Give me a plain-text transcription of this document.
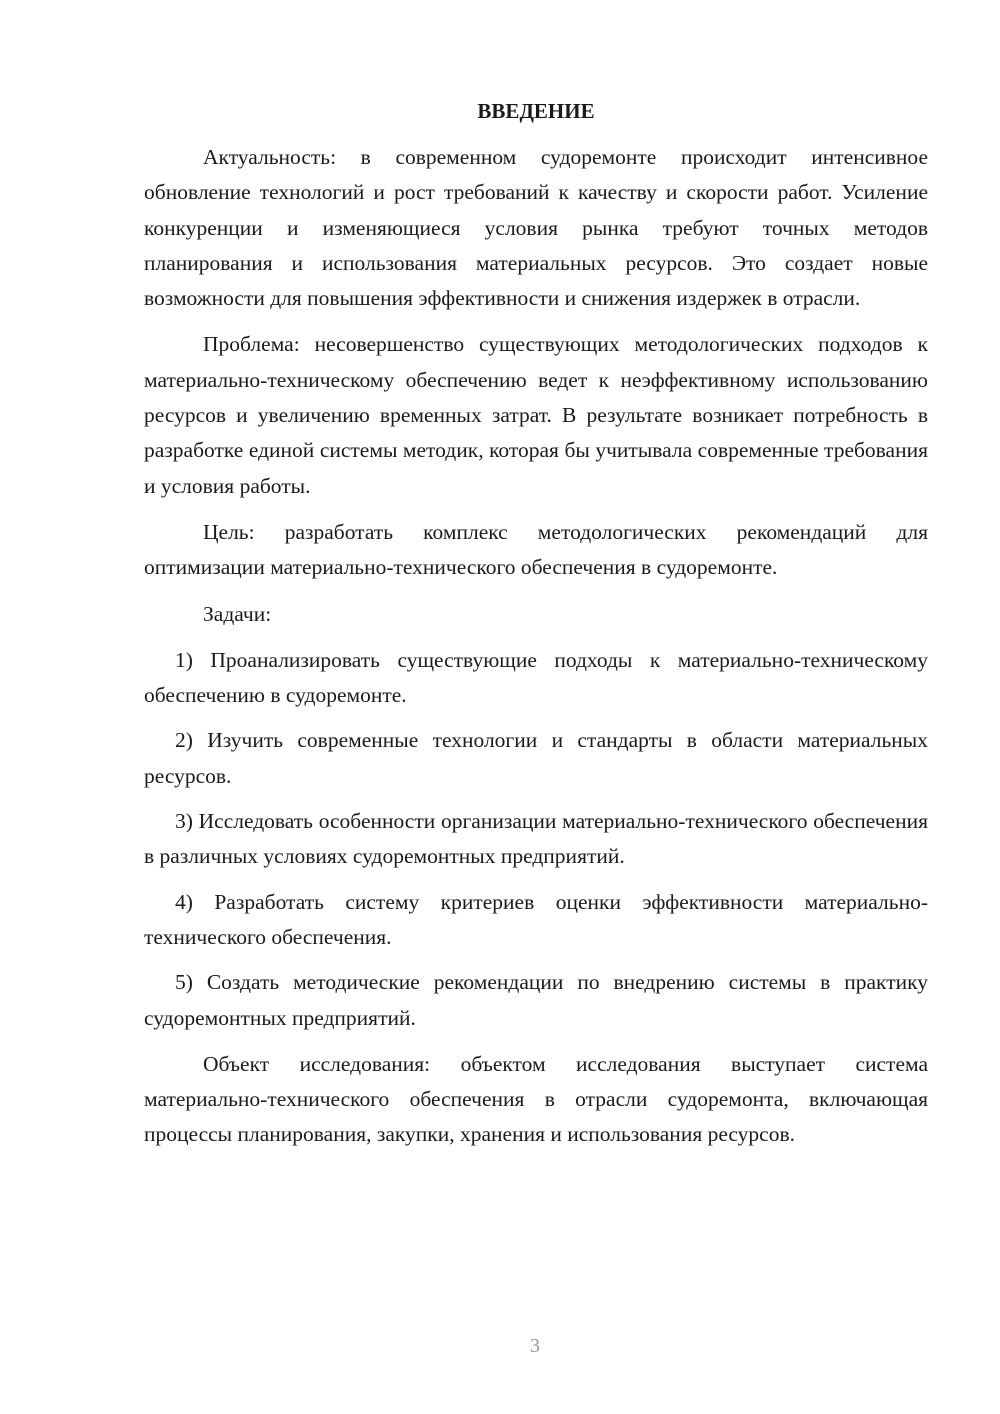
ВВЕДЕНИЕ

Актуальность: в современном судоремонте происходит интенсивное обновление технологий и рост требований к качеству и скорости работ. Усиление конкуренции и изменяющиеся условия рынка требуют точных методов планирования и использования материальных ресурсов. Это создает новые возможности для повышения эффективности и снижения издержек в отрасли.

Проблема: несовершенство существующих методологических подходов к материально-техническому обеспечению ведет к неэффективному использованию ресурсов и увеличению временных затрат. В результате возникает потребность в разработке единой системы методик, которая бы учитывала современные требования и условия работы.

Цель: разработать комплекс методологических рекомендаций для оптимизации материально-технического обеспечения в судоремонте.

Задачи:

1) Проанализировать существующие подходы к материально-техническому обеспечению в судоремонте.

2) Изучить современные технологии и стандарты в области материальных ресурсов.

3) Исследовать особенности организации материально-технического обеспечения в различных условиях судоремонтных предприятий.

4) Разработать систему критериев оценки эффективности материально-технического обеспечения.

5) Создать методические рекомендации по внедрению системы в практику судоремонтных предприятий.

Объект исследования: объектом исследования выступает система материально-технического обеспечения в отрасли судоремонта, включающая процессы планирования, закупки, хранения и использования ресурсов.

3
